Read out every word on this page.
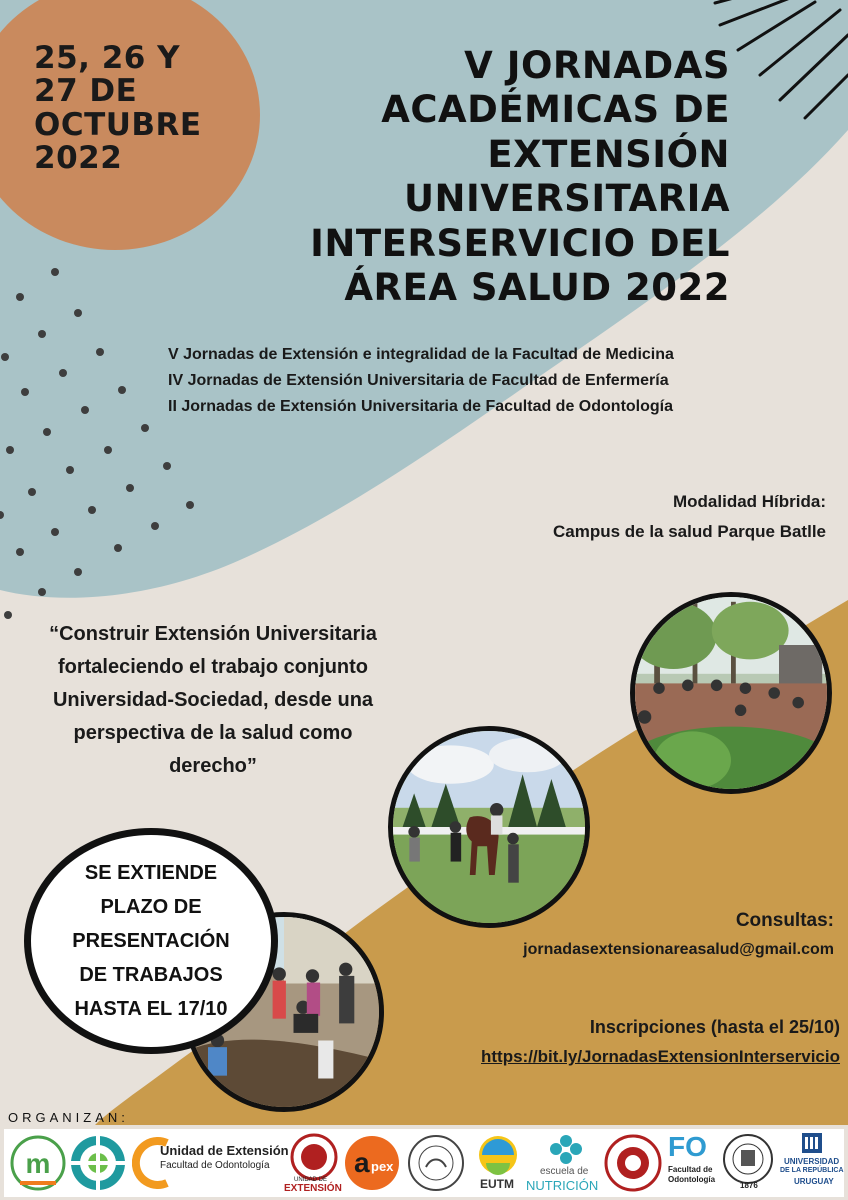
25, 26 Y
27 DE
OCTUBRE
2022
V JORNADAS
ACADÉMICAS DE
EXTENSIÓN
UNIVERSITARIA
INTERSERVICIO DEL
ÁREA SALUD 2022
V Jornadas de Extensión e integralidad de la Facultad de Medicina
IV Jornadas de Extensión Universitaria de Facultad de Enfermería
II Jornadas de Extensión Universitaria de Facultad de Odontología
Modalidad Híbrida:
Campus de la salud Parque Batlle
“Construir Extensión Universitaria
fortaleciendo el trabajo conjunto
Universidad-Sociedad, desde una
perspectiva de la salud como
derecho”
SE EXTIENDE
PLAZO DE
PRESENTACIÓN
DE TRABAJOS
HASTA EL 17/10
Consultas:
jornadasextensionareasalud@gmail.com
Inscripciones (hasta el 25/10)
https://bit.ly/JornadasExtensionInterservicio
ORGANIZAN:
m	Unidad de Extensión
Facultad de Odontología
UNIDAD DE
EXTENSIÓN
a pex
EUTM
escuela de
NUTRICIÓN
FO
Facultad de
Odontología
1876
UNIVERSIDAD
DE LA REPÚBLICA
URUGUAY
